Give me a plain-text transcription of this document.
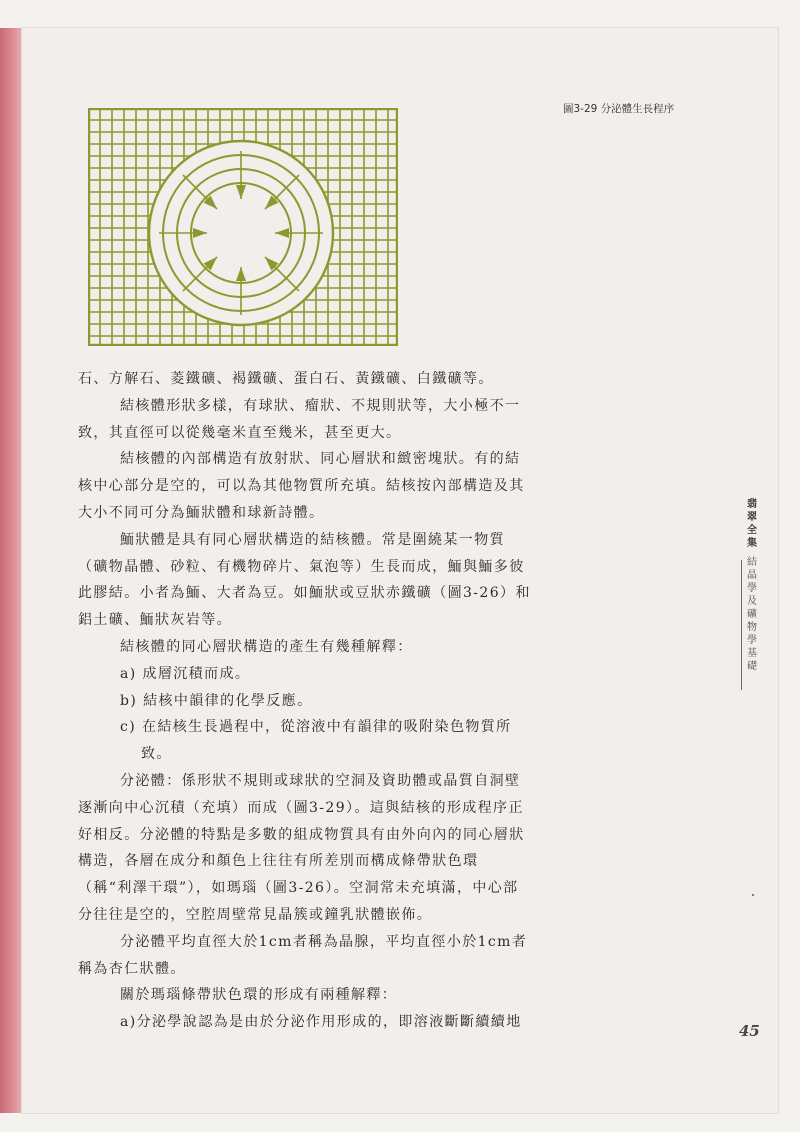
圖3-29 分泌體生長程序

石、方解石、菱鐵礦、褐鐵礦、蛋白石、黃鐵礦、白鐵礦等。

結核體形狀多樣，有球狀、瘤狀、不規則狀等，大小極不一致，其直徑可以從幾毫米直至幾米，甚至更大。

結核體的內部構造有放射狀、同心層狀和緻密塊狀。有的結核中心部分是空的，可以為其他物質所充填。結核按內部構造及其大小不同可分為鮞狀體和球新詩體。

鮞狀體是具有同心層狀構造的結核體。常是圍繞某一物質（礦物晶體、砂粒、有機物碎片、氣泡等）生長而成，鮞與鮞多彼此膠結。小者為鮞、大者為豆。如鮞狀或豆狀赤鐵礦（圖3-26）和鋁土礦、鮞狀灰岩等。

結核體的同心層狀構造的產生有幾種解釋：

a) 成層沉積而成。

b) 結核中韻律的化學反應。

c) 在結核生長過程中，從溶液中有韻律的吸附染色物質所

致。

分泌體：係形狀不規則或球狀的空洞及資助體或晶質自洞壁逐漸向中心沉積（充填）而成（圖3-29）。這與結核的形成程序正好相反。分泌體的特點是多數的組成物質具有由外向內的同心層狀構造，各層在成分和顏色上往往有所差別而構成條帶狀色環（稱“利澤干環”），如瑪瑙（圖3-26）。空洞常未充填滿，中心部分往往是空的，空腔周壁常見晶簇或鐘乳狀體嵌佈。

分泌體平均直徑大於1cm者稱為晶腺，平均直徑小於1cm者稱為杏仁狀體。

關於瑪瑙條帶狀色環的形成有兩種解釋：

a)分泌學說認為是由於分泌作用形成的，即溶液斷斷續續地

翡翠全集
結晶學及礦物學基礎
45
